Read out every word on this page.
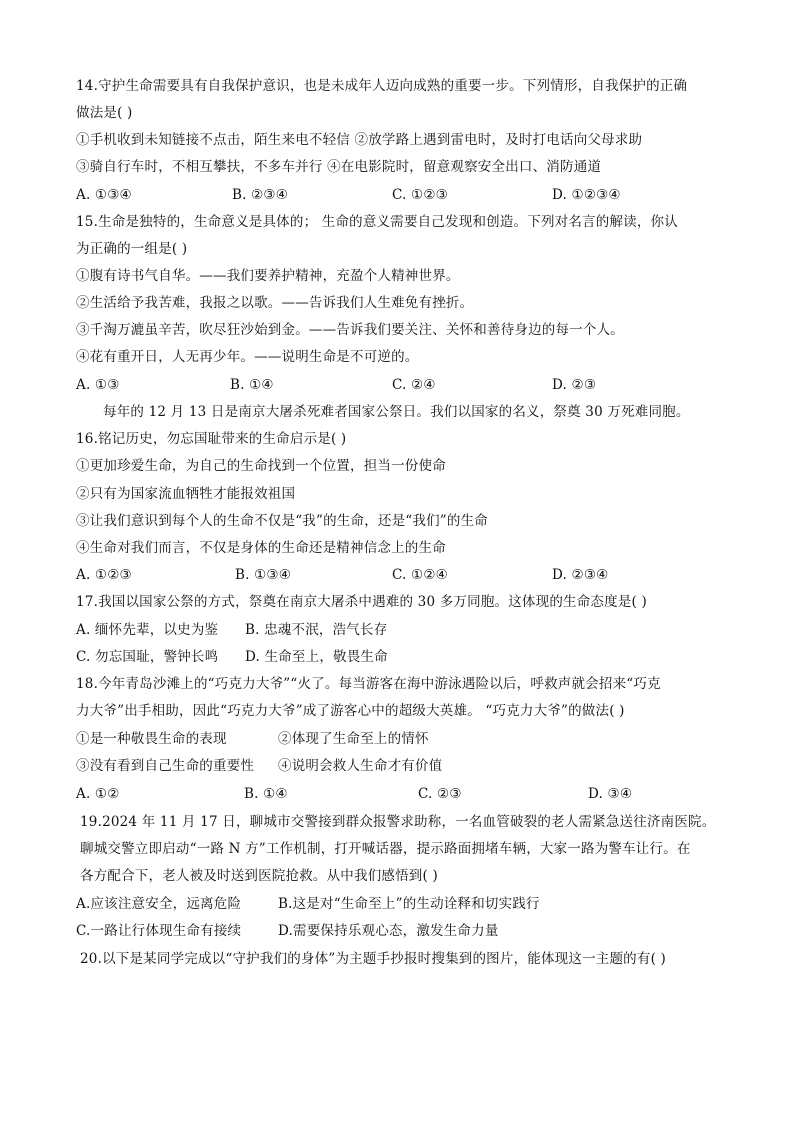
14.守护生命需要具有自我保护意识，也是未成年人迈向成熟的重要一步。下列情形，自我保护的正确
做法是( )
①手机收到未知链接不点击，陌生来电不轻信 ②放学路上遇到雷电时，及时打电话向父母求助
③骑自行车时，不相互攀扶，不多车并行 ④在电影院时，留意观察安全出口、消防通道
A. ①③④	B. ②③④	C. ①②③	D. ①②③④
15.生命是独特的，生命意义是具体的； 生命的意义需要自己发现和创造。下列对名言的解读，你认
为正确的一组是( )
①腹有诗书气自华。——我们要养护精神，充盈个人精神世界。
②生活给予我苦难，我报之以歌。——告诉我们人生难免有挫折。
③千淘万漉虽辛苦，吹尽狂沙始到金。——告诉我们要关注、关怀和善待身边的每一个人。
④花有重开日，人无再少年。——说明生命是不可逆的。
A. ①③	B. ①④	C. ②④	D. ②③
每年的 12 月 13 日是南京大屠杀死难者国家公祭日。我们以国家的名义，祭奠 30 万死难同胞。
16.铭记历史，勿忘国耻带来的生命启示是( )
①更加珍爱生命，为自己的生命找到一个位置，担当一份使命
②只有为国家流血牺牲才能报效祖国
③让我们意识到每个人的生命不仅是“我”的生命，还是“我们”的生命
④生命对我们而言，不仅是身体的生命还是精神信念上的生命
A. ①②③	B. ①③④	C. ①②④	D. ②③④
17.我国以国家公祭的方式，祭奠在南京大屠杀中遇难的 30 多万同胞。这体现的生命态度是( )
A. 缅怀先辈，以史为鉴 B. 忠魂不泯，浩气长存
C. 勿忘国耻，警钟长鸣 D. 生命至上，敬畏生命
18.今年青岛沙滩上的“巧克力大爷”“火了。每当游客在海中游泳遇险以后，呼救声就会招来“巧克
力大爷”出手相助，因此“巧克力大爷”成了游客心中的超级大英雄。 “巧克力大爷”的做法( )
①是一种敬畏生命的表现	②体现了生命至上的情怀
③没有看到自己生命的重要性 ④说明会救人生命才有价值
A. ①②	B. ①④	C. ②③	D. ③④
19.2024 年 11 月 17 日，聊城市交警接到群众报警求助称，一名血管破裂的老人需紧急送往济南医院。
聊城交警立即启动“一路 N 方”工作机制，打开喊话器，提示路面拥堵车辆，大家一路为警车让行。在
各方配合下，老人被及时送到医院抢救。从中我们感悟到( )
A.应该注意安全，远离危险	B.这是对“生命至上”的生动诠释和切实践行
C.一路让行体现生命有接续	D.需要保持乐观心态，激发生命力量
20.以下是某同学完成以“守护我们的身体”为主题手抄报时搜集到的图片，能体现这一主题的有( )
